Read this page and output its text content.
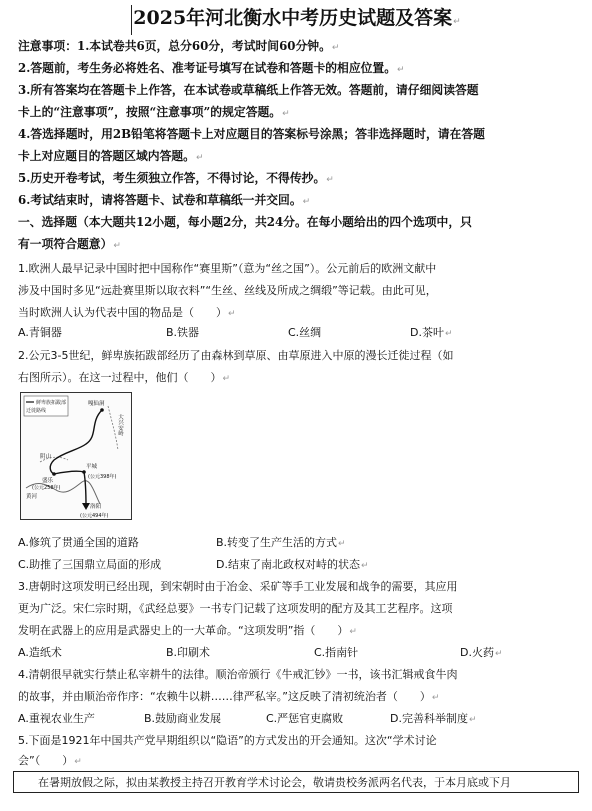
2025年河北衡水中考历史试题及答案↵
注意事项：1.本试卷共6页，总分60分，考试时间60分钟。↵
2.答题前，考生务必将姓名、准考证号填写在试卷和答题卡的相应位置。↵
3.所有答案均在答题卡上作答，在本试卷或草稿纸上作答无效。答题前，请仔细阅读答题
卡上的“注意事项”，按照“注意事项”的规定答题。↵
4.答选择题时，用2B铅笔将答题卡上对应题目的答案标号涂黑；答非选择题时，请在答题
卡上对应题目的答题区域内答题。↵
5.历史开卷考试，考生须独立作答，不得讨论，不得传抄。↵
6.考试结束时，请将答题卡、试卷和草稿纸一并交回。↵
一、选择题（本大题共12小题，每小题2分，共24分。在每小题给出的四个选项中，只
有一项符合题意）↵
1.欧洲人最早记录中国时把中国称作“赛里斯”（意为“丝之国”）。公元前后的欧洲文献中
涉及中国时多见“远赴赛里斯以取衣料”“生丝、丝线及所成之绸缎”等记载。由此可见，
当时欧洲人认为代表中国的物品是（　　）↵
A.青铜器	B.铁器	C.丝绸	D.茶叶↵
2.公元3-5世纪，鲜卑族拓跋部经历了由森林到草原、由草原进入中原的漫长迁徙过程（如
右图所示）。在这一过程中，他们（　　）↵
鲜卑族拓跋部
迁徙路线
嘎仙洞
大兴安岭
阴山
盛乐
(公元258年)
平城
(公元398年)
黄河
洛阳
(公元494年)
A.修筑了贯通全国的道路	B.转变了生产生活的方式↵
C.助推了三国鼎立局面的形成	D.结束了南北政权对峙的状态↵
3.唐朝时这项发明已经出现，到宋朝时由于冶金、采矿等手工业发展和战争的需要，其应用
更为广泛。宋仁宗时期，《武经总要》一书专门记载了这项发明的配方及其工艺程序。这项
发明在武器上的应用是武器史上的一大革命。“这项发明”指（　　）↵
A.造纸术	B.印刷术	C.指南针	D.火药↵
4.清朝很早就实行禁止私宰耕牛的法律。顺治帝颁行《牛戒汇钞》一书，该书汇辑戒食牛肉
的故事，并由顺治帝作序：“农赖牛以耕……律严私宰。”这反映了清初统治者（　　）↵
A.重视农业生产	B.鼓励商业发展	C.严惩官吏腐败	D.完善科举制度↵
5.下面是1921年中国共产党早期组织以“隐语”的方式发出的开会通知。这次“学术讨论
会”（　　）↵
在暑期放假之际，拟由某教授主持召开教育学术讨论会，敬请贵校务派两名代表，于本月底或下月
